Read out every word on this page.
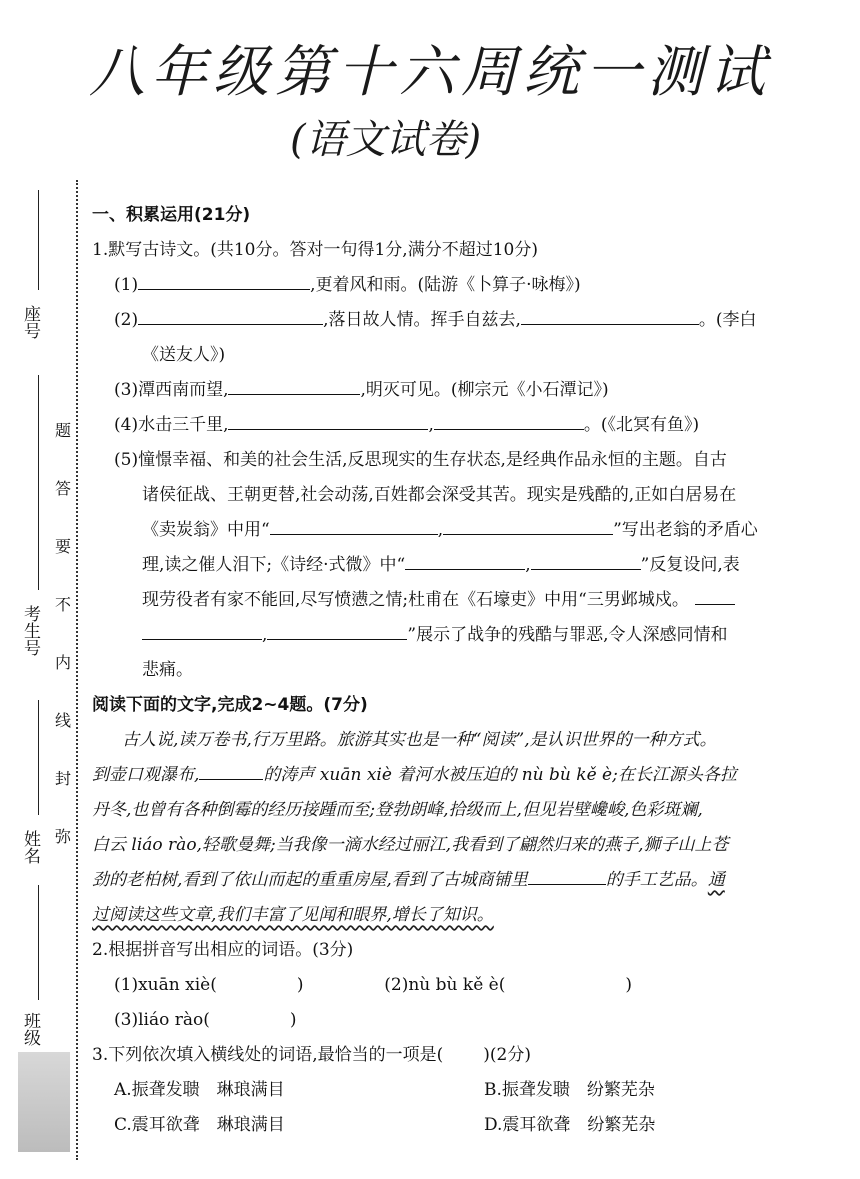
八年级第十六周统一测试
(语文试卷)
座号
考生号
姓名
班级
题
答
要
不
内
线
封
弥
一、积累运用(21分)
1.默写古诗文。(共10分。答对一句得1分,满分不超过10分)
(1)	,更着风和雨。(陆游《卜算子·咏梅》)
(2)	,落日故人情。挥手自兹去,	。(李白
《送友人》)
(3)潭西南而望,	,明灭可见。(柳宗元《小石潭记》)
(4)水击三千里,	,	。(《北冥有鱼》)
(5)憧憬幸福、和美的社会生活,反思现实的生存状态,是经典作品永恒的主题。自古
诸侯征战、王朝更替,社会动荡,百姓都会深受其苦。现实是残酷的,正如白居易在
《卖炭翁》中用“	,	”写出老翁的矛盾心
理,读之催人泪下;《诗经·式微》中“	,	”反复设问,表
现劳役者有家不能回,尽写愤懑之情;杜甫在《石壕吏》中用“三男邺城戍。
,	”展示了战争的残酷与罪恶,令人深感同情和
悲痛。
阅读下面的文字,完成2~4题。(7分)
古人说,读万卷书,行万里路。旅游其实也是一种“阅读”,是认识世界的一种方式。
到壶口观瀑布,	的涛声 xuān xiè 着河水被压迫的 nù bù kě è;在长江源头各拉
丹冬,也曾有各种倒霉的经历接踵而至;登勃朗峰,拾级而上,但见岩壁巉峻,色彩斑斓,
白云 liáo rào,轻歌曼舞;当我像一滴水经过丽江,我看到了翩然归来的燕子,狮子山上苍
劲的老柏树,看到了依山而起的重重房屋,看到了古城商铺里	的手工艺品。通
过阅读这些文章,我们丰富了见闻和眼界,增长了知识。
2.根据拼音写出相应的词语。(3分)
(1)xuān xiè(	)	(2)nù bù kě è(	)
(3)liáo rào(	)
3.下列依次填入横线处的词语,最恰当的一项是( )(2分)
A.振聋发聩　琳琅满目	B.振聋发聩　纷繁芜杂
C.震耳欲聋　琳琅满目	D.震耳欲聋　纷繁芜杂
